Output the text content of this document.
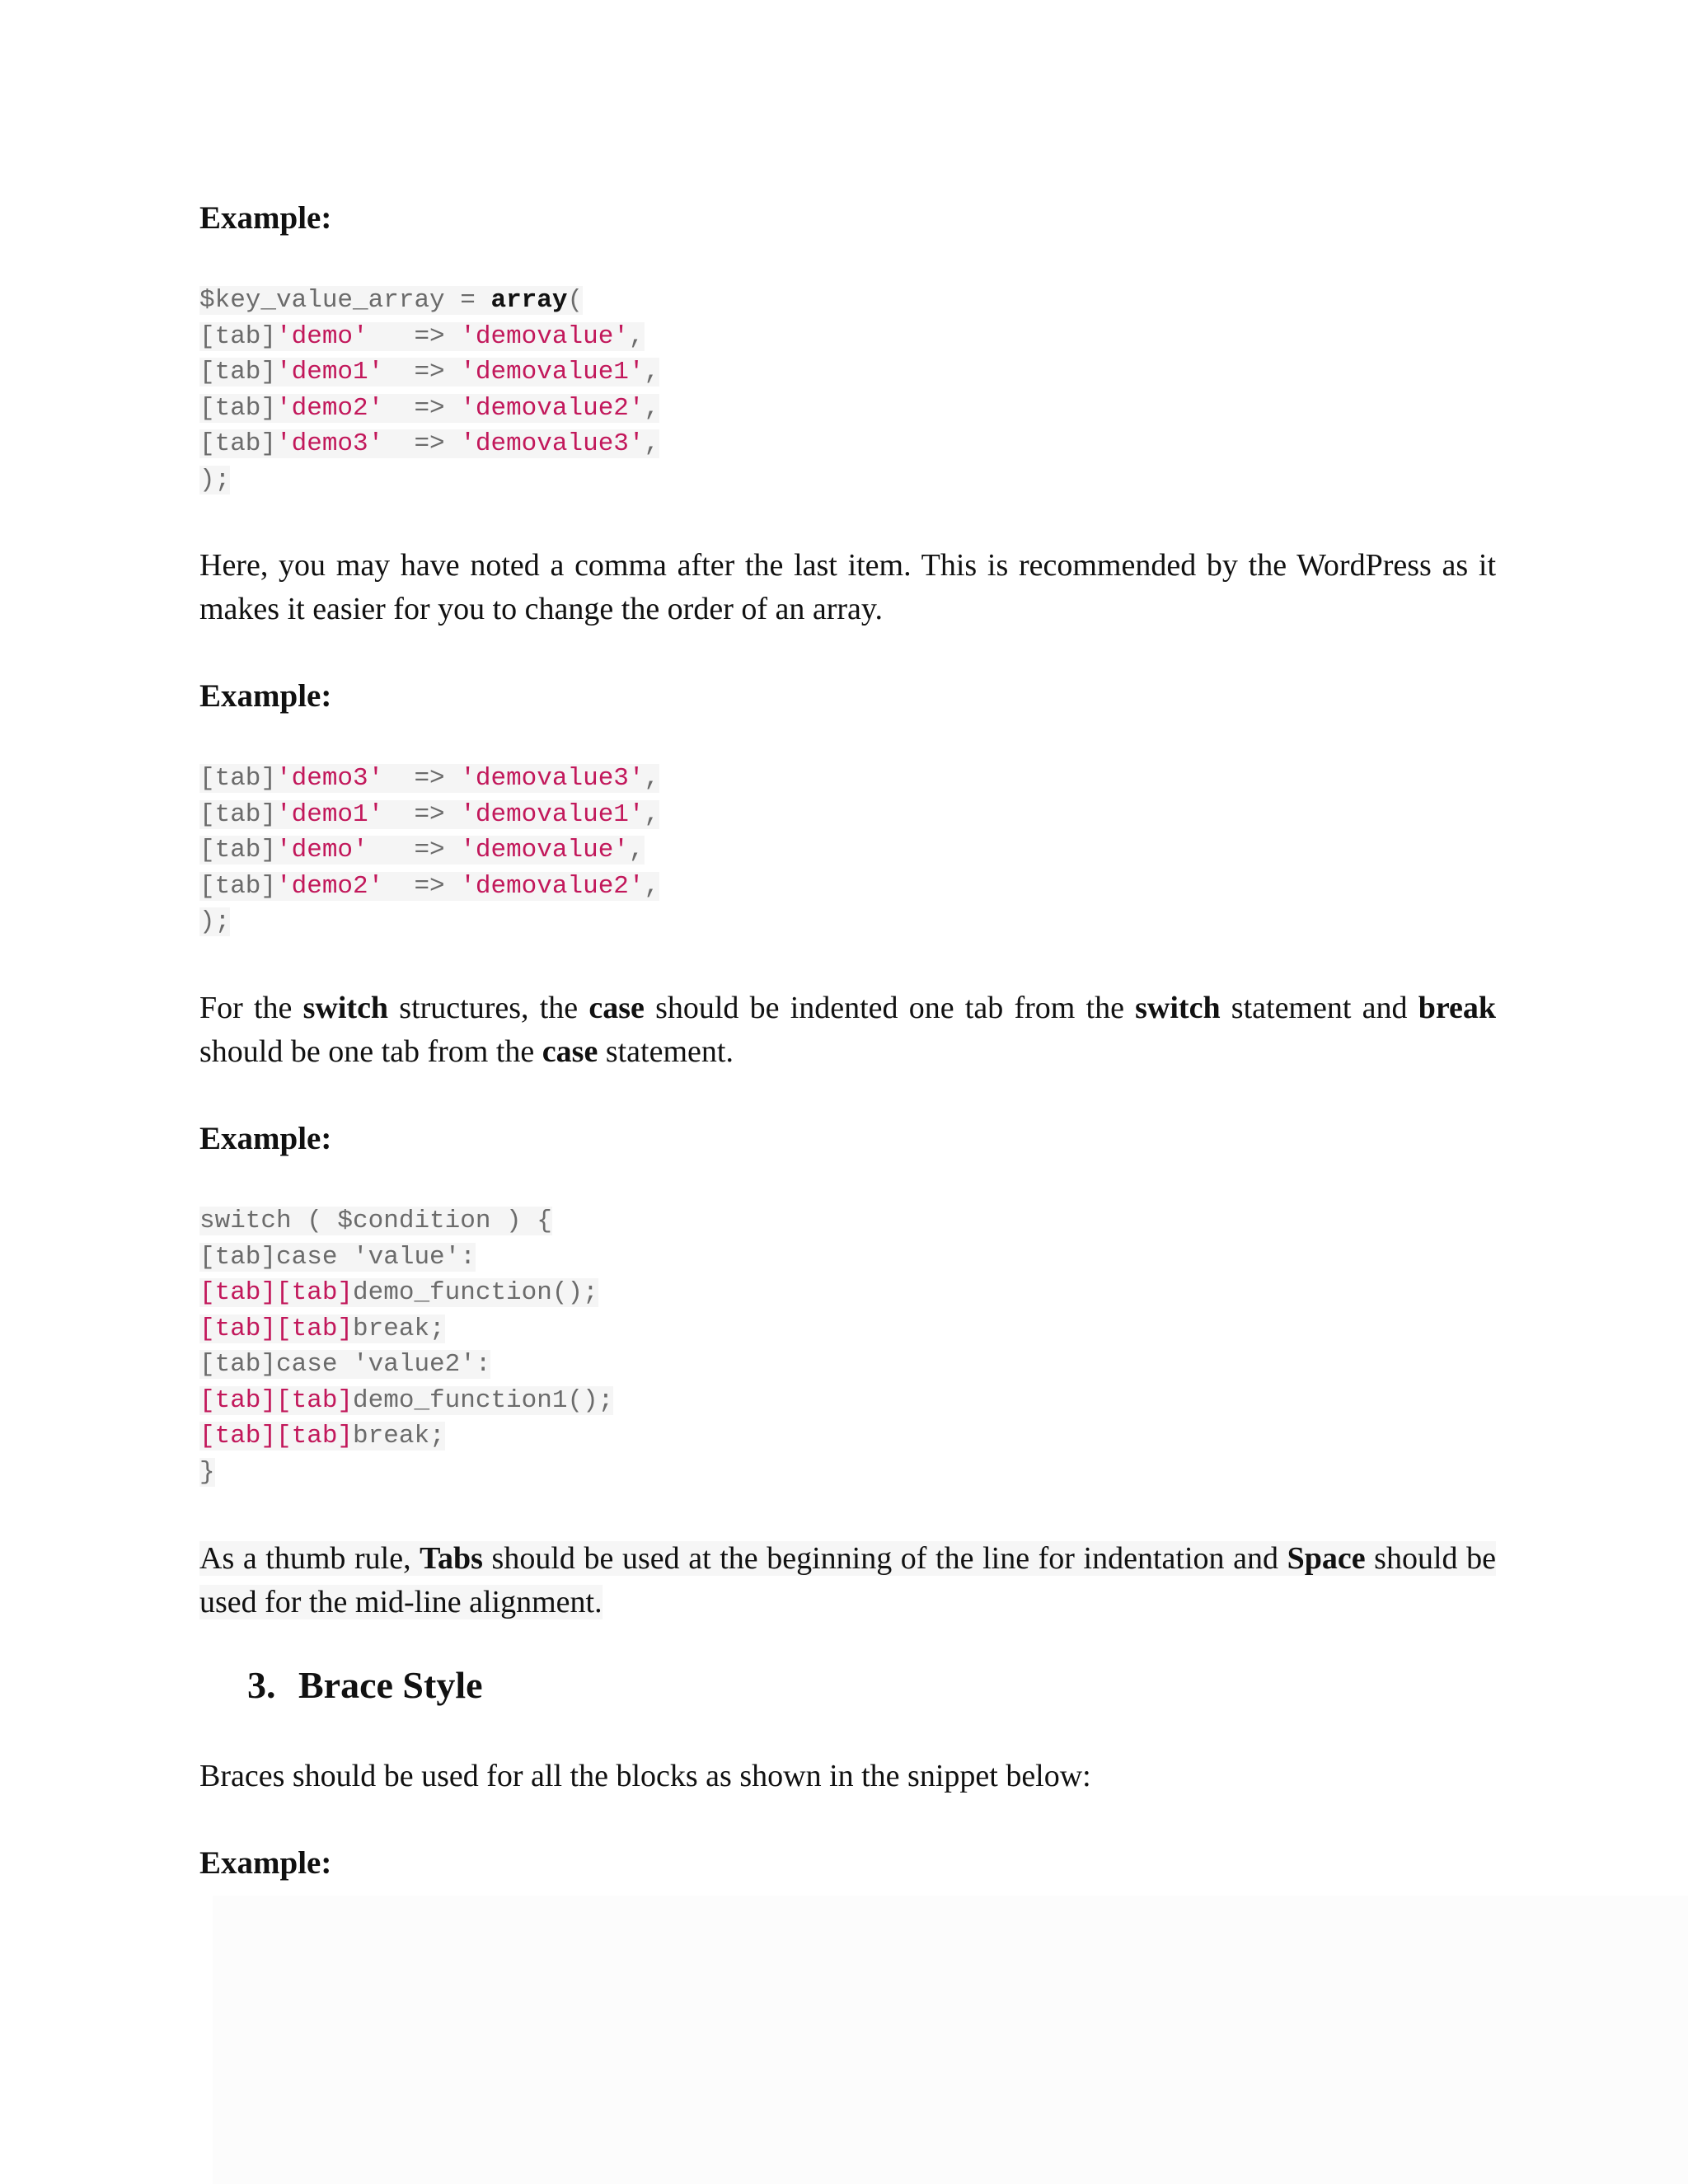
Example:

$key_value_array = array(
[tab]'demo'   => 'demovalue',
[tab]'demo1'  => 'demovalue1',
[tab]'demo2'  => 'demovalue2',
[tab]'demo3'  => 'demovalue3',
);

Here, you may have noted a comma after the last item. This is recommended by the WordPress as it makes it easier for you to change the order of an array.

Example:

[tab]'demo3'  => 'demovalue3',
[tab]'demo1'  => 'demovalue1',
[tab]'demo'   => 'demovalue',
[tab]'demo2'  => 'demovalue2',
);

For the switch structures, the case should be indented one tab from the switch statement and break should be one tab from the case statement.

Example:

switch ( $condition ) {
[tab]case 'value':
[tab][tab]demo_function();
[tab][tab]break;
[tab]case 'value2':
[tab][tab]demo_function1();
[tab][tab]break;
}

As a thumb rule, Tabs should be used at the beginning of the line for indentation and Space should be used for the mid-line alignment.

3. Brace Style

Braces should be used for all the blocks as shown in the snippet below:

Example:
